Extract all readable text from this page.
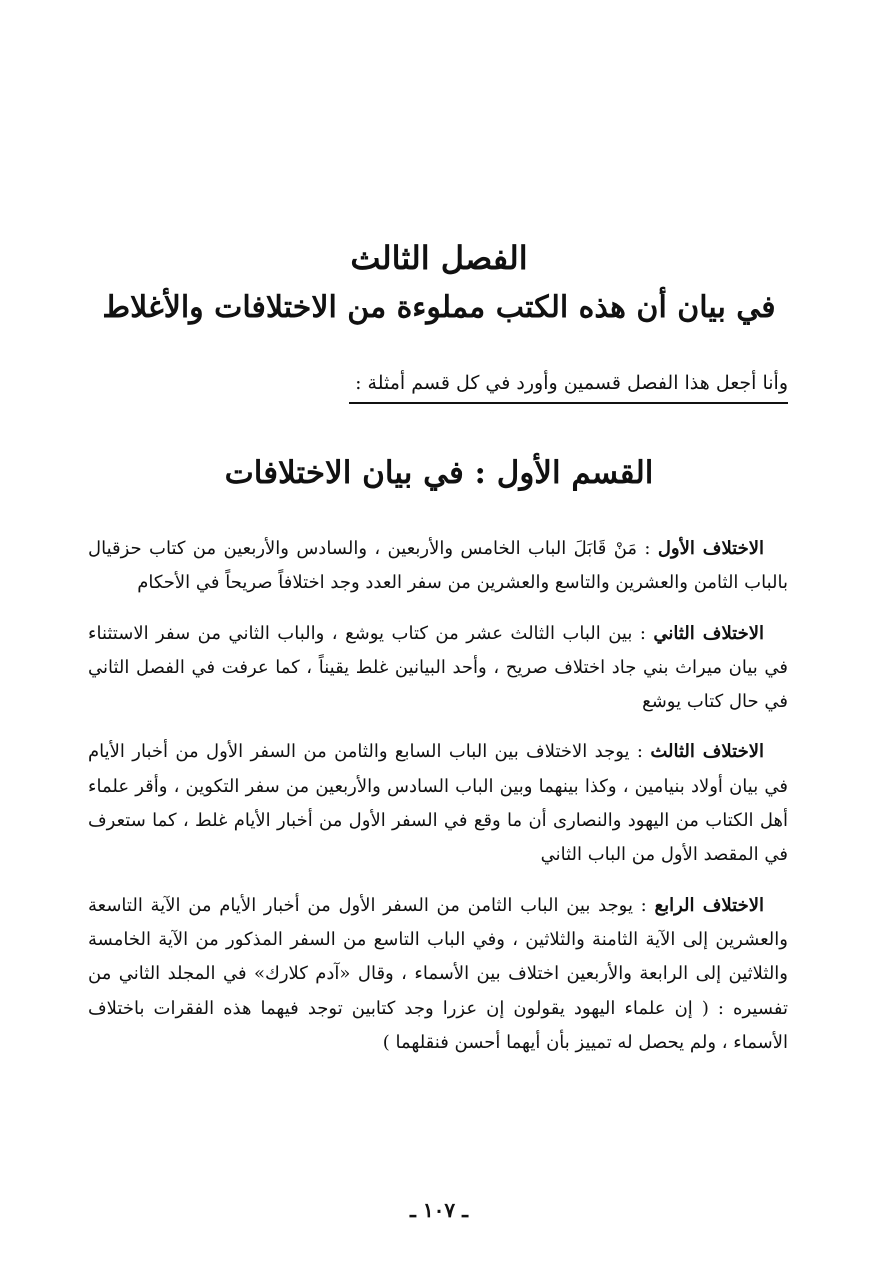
الفصل الثالث
في بيان أن هذه الكتب مملوءة من الاختلافات والأغلاط

وأنا أجعل هذا الفصل قسمين وأورد في كل قسم أمثلة :

القسم الأول : في بيان الاختلافات

الاختلاف الأول : مَنْ قَابَلَ الباب الخامس والأربعين ، والسادس والأربعين من كتاب حزقيال بالباب الثامن والعشرين والتاسع والعشرين من سفر العدد وجد اختلافاً صريحاً في الأحكام

الاختلاف الثاني : بين الباب الثالث عشر من كتاب يوشع ، والباب الثاني من سفر الاستثناء في بيان ميراث بني جاد اختلاف صريح ، وأحد البيانين غلط يقيناً ، كما عرفت في الفصل الثاني في حال كتاب يوشع

الاختلاف الثالث : يوجد الاختلاف بين الباب السابع والثامن من السفر الأول من أخبار الأيام في بيان أولاد بنيامين ، وكذا بينهما وبين الباب السادس والأربعين من سفر التكوين ، وأقر علماء أهل الكتاب من اليهود والنصارى أن ما وقع في السفر الأول من أخبار الأيام غلط ، كما ستعرف في المقصد الأول من الباب الثاني

الاختلاف الرابع : يوجد بين الباب الثامن من السفر الأول من أخبار الأيام من الآية التاسعة والعشرين إلى الآية الثامنة والثلاثين ، وفي الباب التاسع من السفر المذكور من الآية الخامسة والثلاثين إلى الرابعة والأربعين اختلاف بين الأسماء ، وقال «آدم كلارك» في المجلد الثاني من تفسيره : ( إن علماء اليهود يقولون إن عزرا وجد كتابين توجد فيهما هذه الفقرات باختلاف الأسماء ، ولم يحصل له تمييز بأن أيهما أحسن فنقلهما )

ـ ١٠٧ ـ
